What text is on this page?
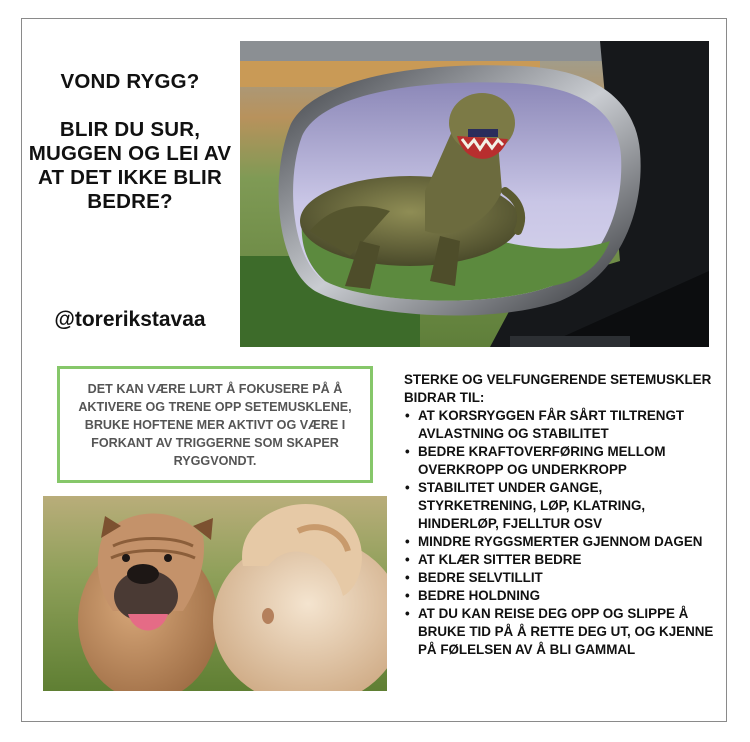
VOND RYGG?
BLIR DU SUR, MUGGEN OG LEI AV AT DET IKKE BLIR BEDRE?
@torerikstavaa
DET KAN VÆRE LURT Å FOKUSERE PÅ Å AKTIVERE OG TRENE OPP SETEMUSKLENE, BRUKE HOFTENE MER AKTIVT OG VÆRE I FORKANT AV TRIGGERNE SOM SKAPER RYGGVONDT.
STERKE OG VELFUNGERENDE SETEMUSKLER BIDRAR TIL:
• AT KORSRYGGEN FÅR SÅRT TILTRENGT AVLASTNING OG STABILITET
• BEDRE KRAFTOVERFØRING MELLOM OVERKROPP OG UNDERKROPP
• STABILITET UNDER GANGE, STYRKETRENING, LØP, KLATRING, HINDERLØP, FJELLTUR OSV
• MINDRE RYGGSMERTER GJENNOM DAGEN
• AT KLÆR SITTER BEDRE
• BEDRE SELVTILLIT
• BEDRE HOLDNING
• AT DU KAN REISE DEG OPP OG SLIPPE Å BRUKE TID PÅ Å RETTE DEG UT, OG KJENNE PÅ FØLELSEN AV Å BLI GAMMAL
